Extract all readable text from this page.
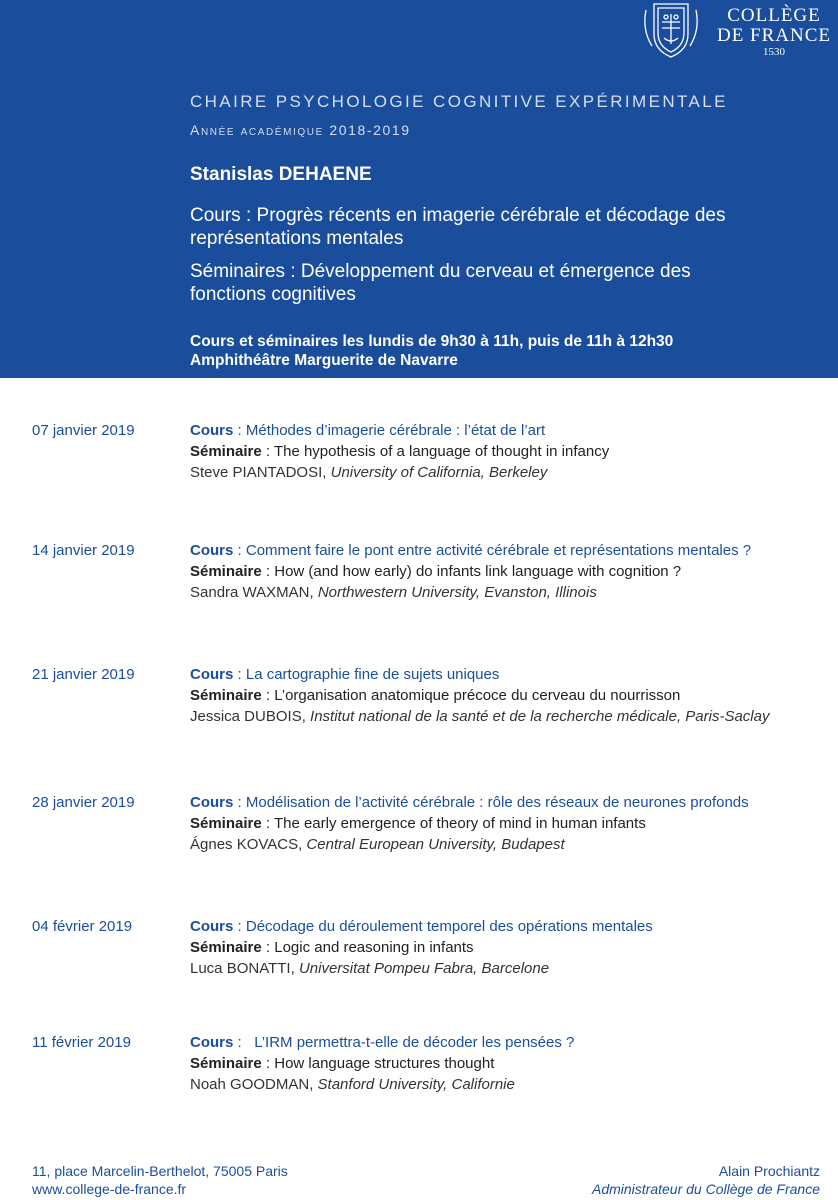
COLLÈGE
DE FRANCE
1530
CHAIRE PSYCHOLOGIE COGNITIVE EXPÉRIMENTALE
Année académique 2018-2019
Stanislas DEHAENE
Cours : Progrès récents en imagerie cérébrale et décodage des représentations mentales
Séminaires : Développement du cerveau et émergence des fonctions cognitives
Cours et séminaires les lundis de 9h30 à 11h, puis de 11h à 12h30
Amphithéâtre Marguerite de Navarre
07 janvier 2019	Cours : Méthodes d’imagerie cérébrale : l’état de l’art
Séminaire : The hypothesis of a language of thought in infancy
Steve PIANTADOSI, University of California, Berkeley
14 janvier 2019	Cours : Comment faire le pont entre activité cérébrale et représentations mentales ?
Séminaire : How (and how early) do infants link language with cognition ?
Sandra WAXMAN, Northwestern University, Evanston, Illinois
21 janvier 2019	Cours : La cartographie fine de sujets uniques
Séminaire : L’organisation anatomique précoce du cerveau du nourrisson
Jessica DUBOIS, Institut national de la santé et de la recherche médicale, Paris-Saclay
28 janvier 2019	Cours : Modélisation de l’activité cérébrale : rôle des réseaux de neurones profonds
Séminaire : The early emergence of theory of mind in human infants
Ágnes KOVACS, Central European University, Budapest
04 février 2019	Cours : Décodage du déroulement temporel des opérations mentales
Séminaire : Logic and reasoning in infants
Luca BONATTI, Universitat Pompeu Fabra, Barcelone
11 février 2019	Cours :   L’IRM permettra-t-elle de décoder les pensées ?
Séminaire : How language structures thought
Noah GOODMAN, Stanford University, Californie
11, place Marcelin-Berthelot, 75005 Paris
www.college-de-france.fr
Alain Prochiantz
Administrateur du Collège de France
